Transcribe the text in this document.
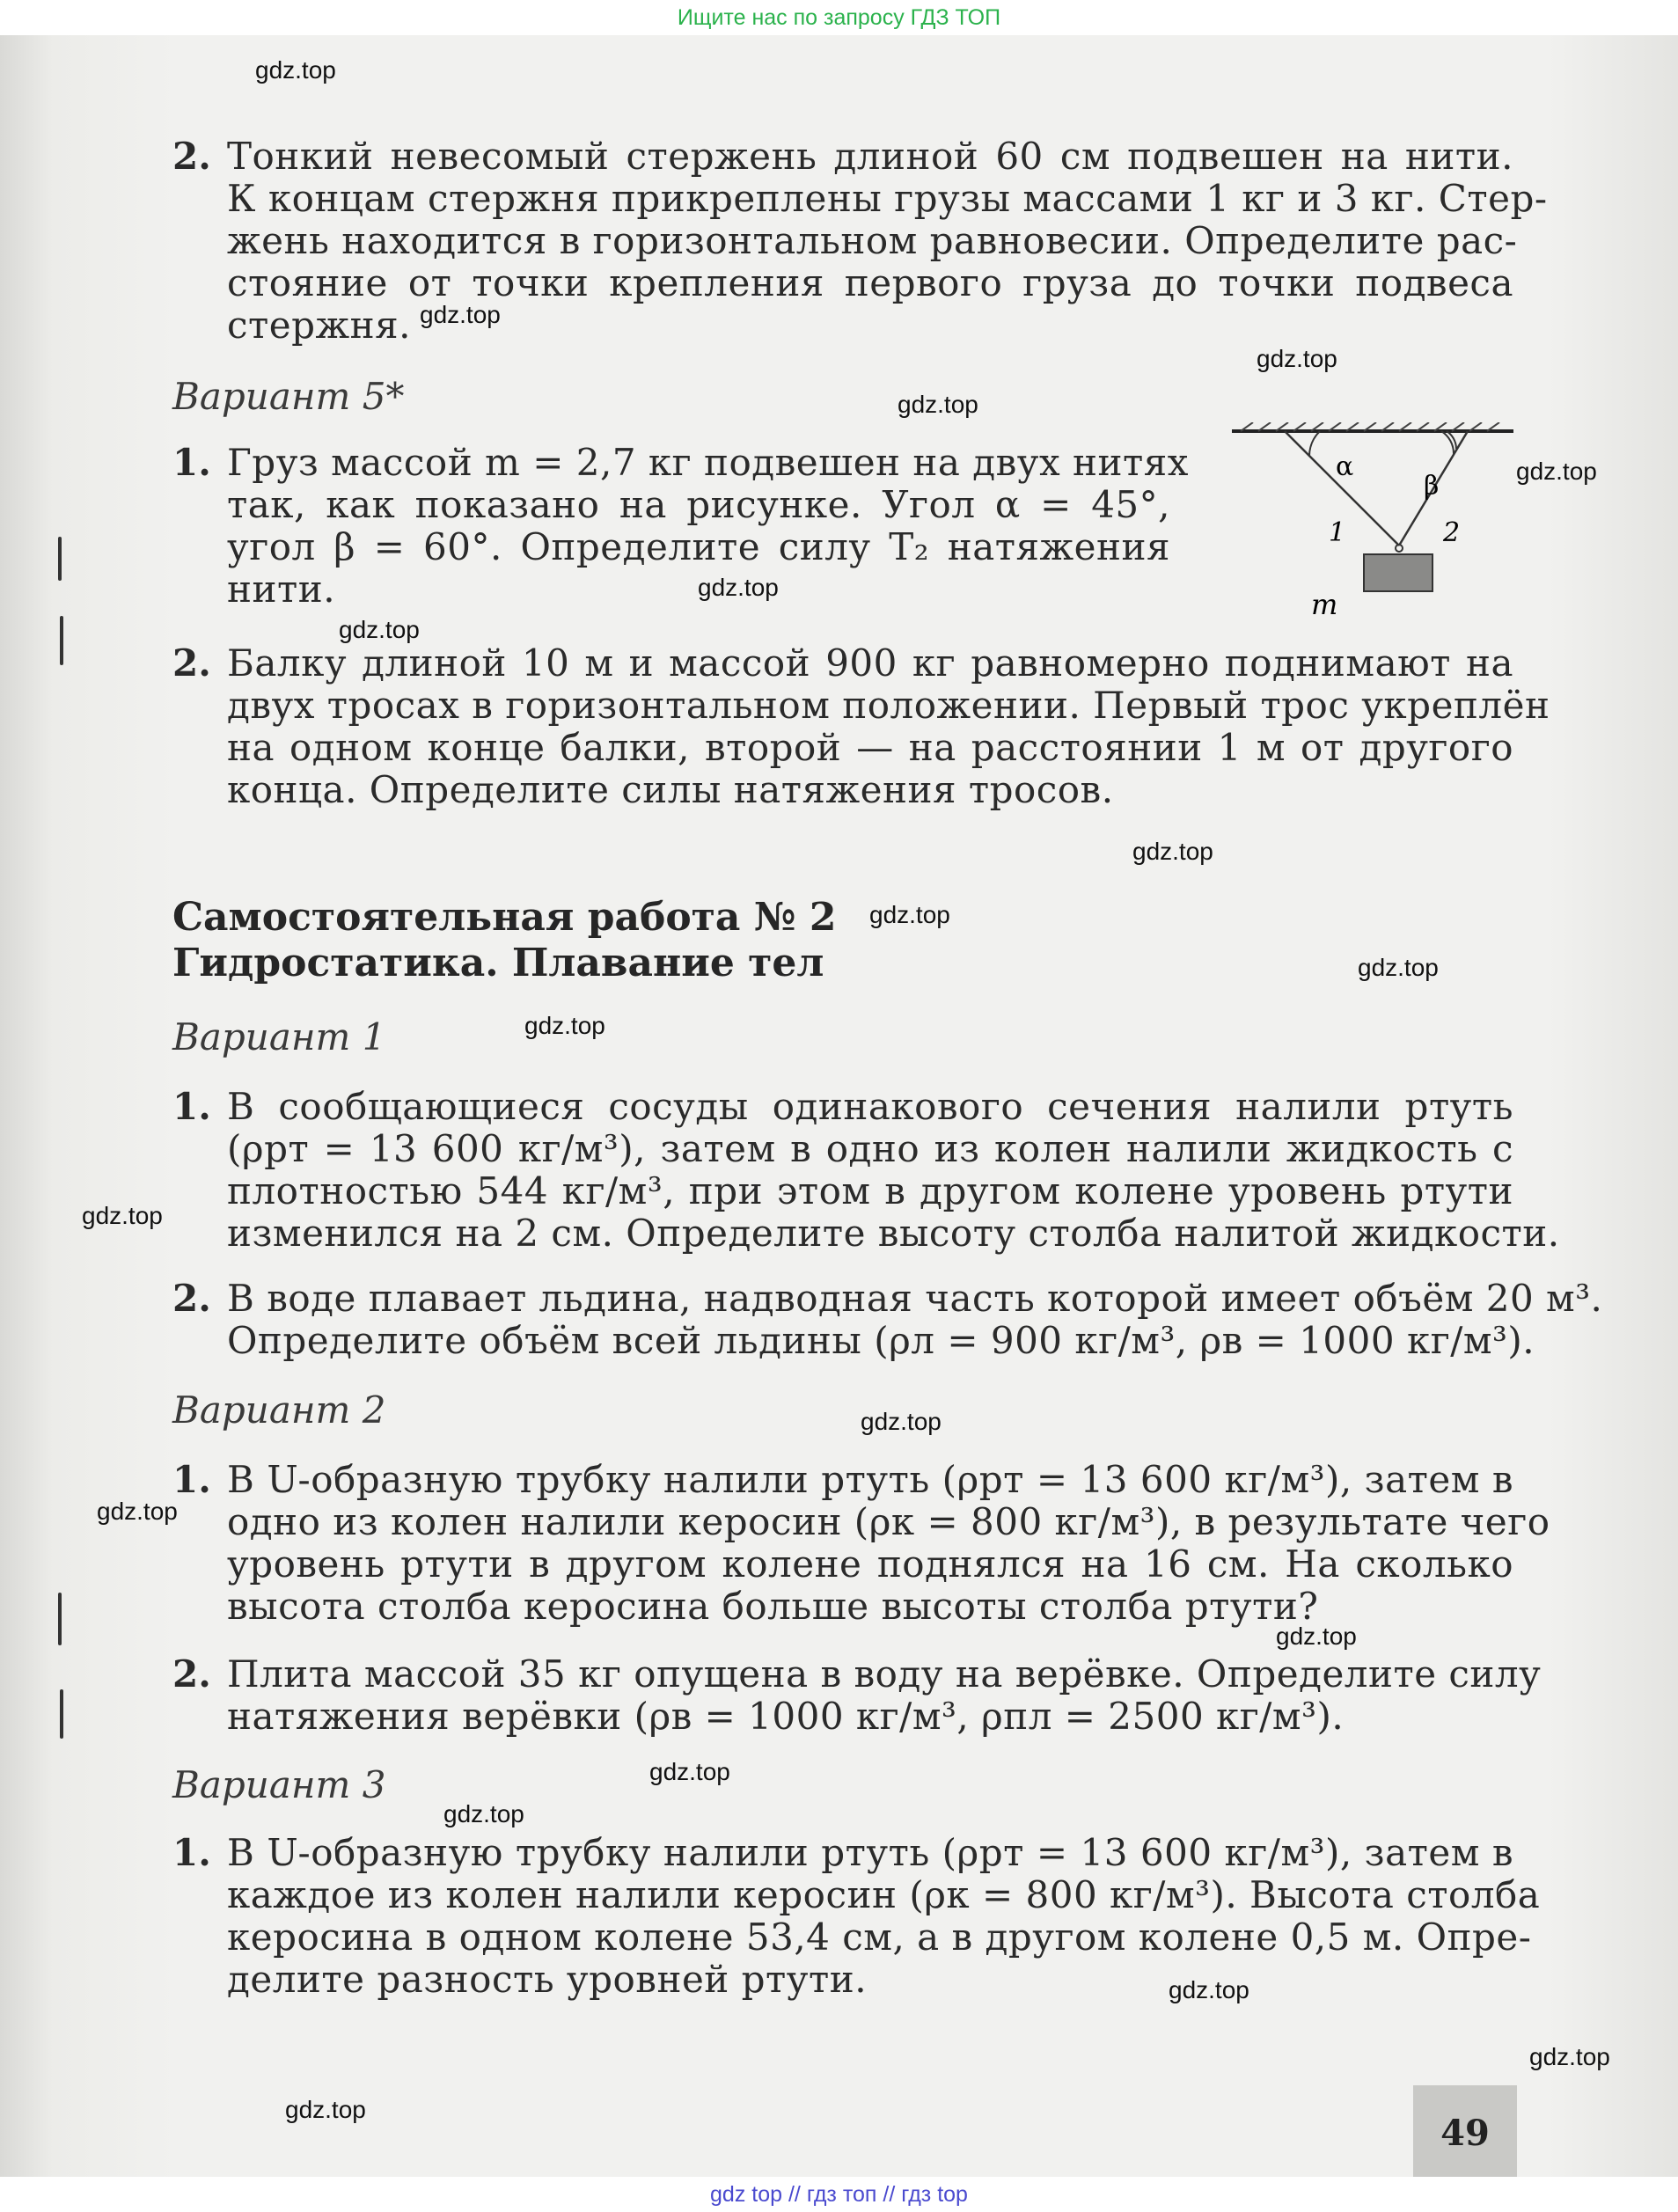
Ищите нас по запросу ГДЗ ТОП
2. Тонкий невесомый стержень длиной 60 см подвешен на нити.
К концам стержня прикреплены грузы массами 1 кг и 3 кг. Стер-
жень находится в горизонтальном равновесии. Определите рас-
стояние от точки крепления первого груза до точки подвеса
стержня.
Вариант 5*
1. Груз массой m = 2,7 кг подвешен на двух нитях
так, как показано на рисунке. Угол α = 45°,
угол β = 60°. Определите силу T₂ натяжения
нити.
α
β
1	2
m
2. Балку длиной 10 м и массой 900 кг равномерно поднимают на
двух тросах в горизонтальном положении. Первый трос укреплён
на одном конце балки, второй — на расстоянии 1 м от другого
конца. Определите силы натяжения тросов.
Самостоятельная работа № 2
Гидростатика. Плавание тел
Вариант 1
1. В сообщающиеся сосуды одинакового сечения налили ртуть
(ρрт = 13 600 кг/м³), затем в одно из колен налили жидкость с
плотностью 544 кг/м³, при этом в другом колене уровень ртути
изменился на 2 см. Определите высоту столба налитой жидкости.
2. В воде плавает льдина, надводная часть которой имеет объём 20 м³.
Определите объём всей льдины (ρл = 900 кг/м³, ρв = 1000 кг/м³).
Вариант 2
1. В U-образную трубку налили ртуть (ρрт = 13 600 кг/м³), затем в
одно из колен налили керосин (ρк = 800 кг/м³), в результате чего
уровень ртути в другом колене поднялся на 16 см. На сколько
высота столба керосина больше высоты столба ртути?
2. Плита массой 35 кг опущена в воду на верёвке. Определите силу
натяжения верёвки (ρв = 1000 кг/м³, ρпл = 2500 кг/м³).
Вариант 3
1. В U-образную трубку налили ртуть (ρрт = 13 600 кг/м³), затем в
каждое из колен налили керосин (ρк = 800 кг/м³). Высота столба
керосина в одном колене 53,4 см, а в другом колене 0,5 м. Опре-
делите разность уровней ртути.
49
gdz.top
gdz.top
gdz.top
gdz.top
gdz.top
gdz.top
gdz.top
gdz.top
gdz.top
gdz.top
gdz.top
gdz.top
gdz.top
gdz.top
gdz.top
gdz.top
gdz.top
gdz.top
gdz.top
gdz.top
gdz top // гдз топ // гдз top
